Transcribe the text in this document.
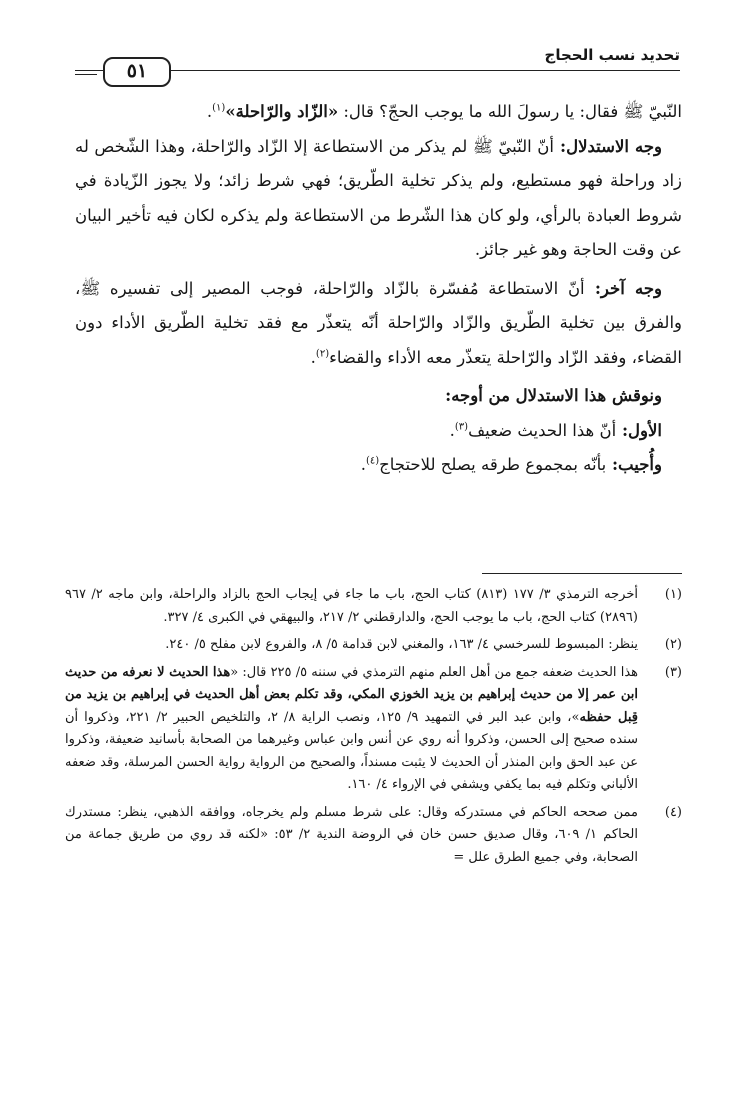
تحديد نسب الحجاج
٥١

النّبيّ ﷺ فقال: يا رسولَ الله ما يوجب الحجّ؟ قال: «الزّاد والرّاحلة»$^{(١)}$.

وجه الاستدلال: أنّ النّبيّ ﷺ لم يذكر من الاستطاعة إلا الزّاد والرّاحلة، وهذا الشّخص له زاد وراحلة فهو مستطيع، ولم يذكر تخلية الطّريق؛ فهي شرط زائد؛ ولا يجوز الزّيادة في شروط العبادة بالرأي، ولو كان هذا الشّرط من الاستطاعة ولم يذكره لكان فيه تأخير البيان عن وقت الحاجة وهو غير جائز.

وجه آخر: أنّ الاستطاعة مُفسّرة بالزّاد والرّاحلة، فوجب المصير إلى تفسيره ﷺ، والفرق بين تخلية الطّريق والزّاد والرّاحلة أنّه يتعذّر مع فقد تخلية الطّريق الأداء دون القضاء، وفقد الزّاد والرّاحلة يتعذّر معه الأداء والقضاء$^{(٢)}$.

ونوقش هذا الاستدلال من أوجه:

الأول: أنّ هذا الحديث ضعيف$^{(٣)}$.

وأُجيب: بأنّه بمجموع طرقه يصلح للاحتجاج$^{(٤)}$.

(١)
أخرجه الترمذي ٣/ ١٧٧ (٨١٣) كتاب الحج، باب ما جاء في إيجاب الحج بالزاد والراحلة، وابن ماجه ٢/ ٩٦٧ (٢٨٩٦) كتاب الحج، باب ما يوجب الحج، والدارقطني ٢/ ٢١٧، والبيهقي في الكبرى ٤/ ٣٢٧.
(٢)
ينظر: المبسوط للسرخسي ٤/ ١٦٣، والمغني لابن قدامة ٥/ ٨، والفروع لابن مفلح ٥/ ٢٤٠.
(٣)
هذا الحديث ضعفه جمع من أهل العلم منهم الترمذي في سننه ٥/ ٢٢٥ قال: «هذا الحديث لا نعرفه من حديث ابن عمر إلا من حديث إبراهيم بن يزيد الخوزي المكي، وقد تكلم بعض أهل الحديث في إبراهيم بن يزيد من قِبل حفظه»، وابن عبد البر في التمهيد ٩/ ١٢٥، ونصب الراية ٨/ ٢، والتلخيص الحبير ٢/ ٢٢١، وذكروا أن سنده صحيح إلى الحسن، وذكروا أنه روي عن أنس وابن عباس وغيرهما من الصحابة بأسانيد ضعيفة، وذكروا عن عبد الحق وابن المنذر أن الحديث لا يثبت مسنداً، والصحيح من الرواية رواية الحسن المرسلة، وقد ضعفه الألباني وتكلم فيه بما يكفي ويشفي في الإرواء ٤/ ١٦٠.
(٤)
ممن صححه الحاكم في مستدركه وقال: على شرط مسلم ولم يخرجاه، ووافقه الذهبي، ينظر: مستدرك الحاكم ١/ ٦٠٩، وقال صديق حسن خان في الروضة الندية ٢/ ٥٣: «لكنه قد روي من طريق جماعة من الصحابة، وفي جميع الطرق علل =
